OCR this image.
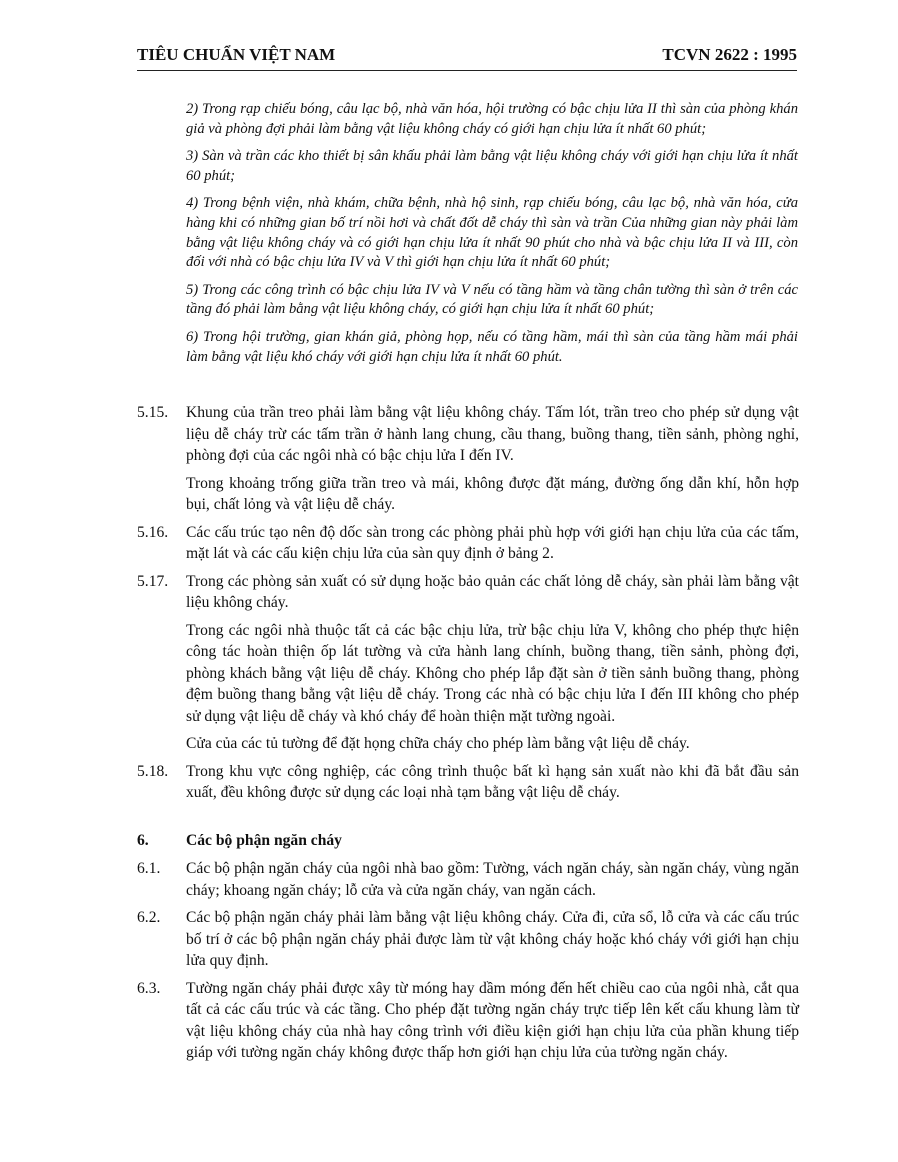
TIÊU CHUẨN VIỆT NAM	TCVN 2622 : 1995

2) Trong rạp chiếu bóng, câu lạc bộ, nhà văn hóa, hội trường có bậc chịu lửa II thì sàn của phòng khán giả và phòng đợi phải làm bằng vật liệu không cháy có giới hạn chịu lửa ít nhất 60 phút;

3) Sàn và trần các kho thiết bị sân khấu phải làm bằng vật liệu không cháy với giới hạn chịu lửa ít nhất 60 phút;

4) Trong bệnh viện, nhà khám, chữa bệnh, nhà hộ sinh, rạp chiếu bóng, câu lạc bộ, nhà văn hóa, cửa hàng khi có những gian bố trí nồi hơi và chất đốt dễ cháy thì sàn và trần Của những gian này phải làm bằng vật liệu không cháy và có giới hạn chịu lửa ít nhất 90 phút cho nhà và bậc chịu lửa II và III, còn đối với nhà có bậc chịu lửa IV và V thì giới hạn chịu lửa ít nhất 60 phút;

5) Trong các công trình có bậc chịu lửa IV và V nếu có tầng hầm và tầng chân tường thì sàn ở trên các tầng đó phải làm bằng vật liệu không cháy, có giới hạn chịu lửa ít nhất 60 phút;

6) Trong hội trường, gian khán giả, phòng họp, nếu có tầng hầm, mái thì sàn của tầng hầm mái phải làm bằng vật liệu khó cháy với giới hạn chịu lửa ít nhất 60 phút.

5.15. Khung của trần treo phải làm bằng vật liệu không cháy. Tấm lót, trần treo cho phép sử dụng vật liệu dễ cháy trừ các tấm trần ở hành lang chung, cầu thang, buồng thang, tiền sảnh, phòng nghỉ, phòng đợi của các ngôi nhà có bậc chịu lửa I đến IV.

Trong khoảng trống giữa trần treo và mái, không được đặt máng, đường ống dẫn khí, hỗn hợp bụi, chất lỏng và vật liệu dễ cháy.

5.16. Các cấu trúc tạo nên độ dốc sàn trong các phòng phải phù hợp với giới hạn chịu lửa của các tấm, mặt lát và các cấu kiện chịu lửa của sàn quy định ở bảng 2.

5.17. Trong các phòng sản xuất có sử dụng hoặc bảo quản các chất lỏng dễ cháy, sàn phải làm bằng vật liệu không cháy.

Trong các ngôi nhà thuộc tất cả các bậc chịu lửa, trừ bậc chịu lửa V, không cho phép thực hiện công tác hoàn thiện ốp lát tường và cửa hành lang chính, buồng thang, tiền sảnh, phòng đợi, phòng khách bằng vật liệu dễ cháy. Không cho phép lắp đặt sàn ở tiền sảnh buồng thang, phòng đệm buồng thang bằng vật liệu dễ cháy. Trong các nhà có bậc chịu lửa I đến III không cho phép sử dụng vật liệu dễ cháy và khó cháy để hoàn thiện mặt tường ngoài.

Cửa của các tủ tường để đặt họng chữa cháy cho phép làm bằng vật liệu dễ cháy.

5.18. Trong khu vực công nghiệp, các công trình thuộc bất kì hạng sản xuất nào khi đã bắt đầu sản xuất, đều không được sử dụng các loại nhà tạm bằng vật liệu dễ cháy.

6. Các bộ phận ngăn cháy
6.1. Các bộ phận ngăn cháy của ngôi nhà bao gồm: Tường, vách ngăn cháy, sàn ngăn cháy, vùng ngăn cháy; khoang ngăn cháy; lỗ cửa và cửa ngăn cháy, van ngăn cách.

6.2. Các bộ phận ngăn cháy phải làm bằng vật liệu không cháy. Cửa đi, cửa sổ, lỗ cửa và các cấu trúc bố trí ở các bộ phận ngăn cháy phải được làm từ vật không cháy hoặc khó cháy với giới hạn chịu lửa quy định.

6.3. Tường ngăn cháy phải được xây từ móng hay dầm móng đến hết chiều cao của ngôi nhà, cắt qua tất cả các cấu trúc và các tầng. Cho phép đặt tường ngăn cháy trực tiếp lên kết cấu khung làm từ vật liệu không cháy của nhà hay công trình với điều kiện giới hạn chịu lửa của phần khung tiếp giáp với tường ngăn cháy không được thấp hơn giới hạn chịu lửa của tường ngăn cháy.
